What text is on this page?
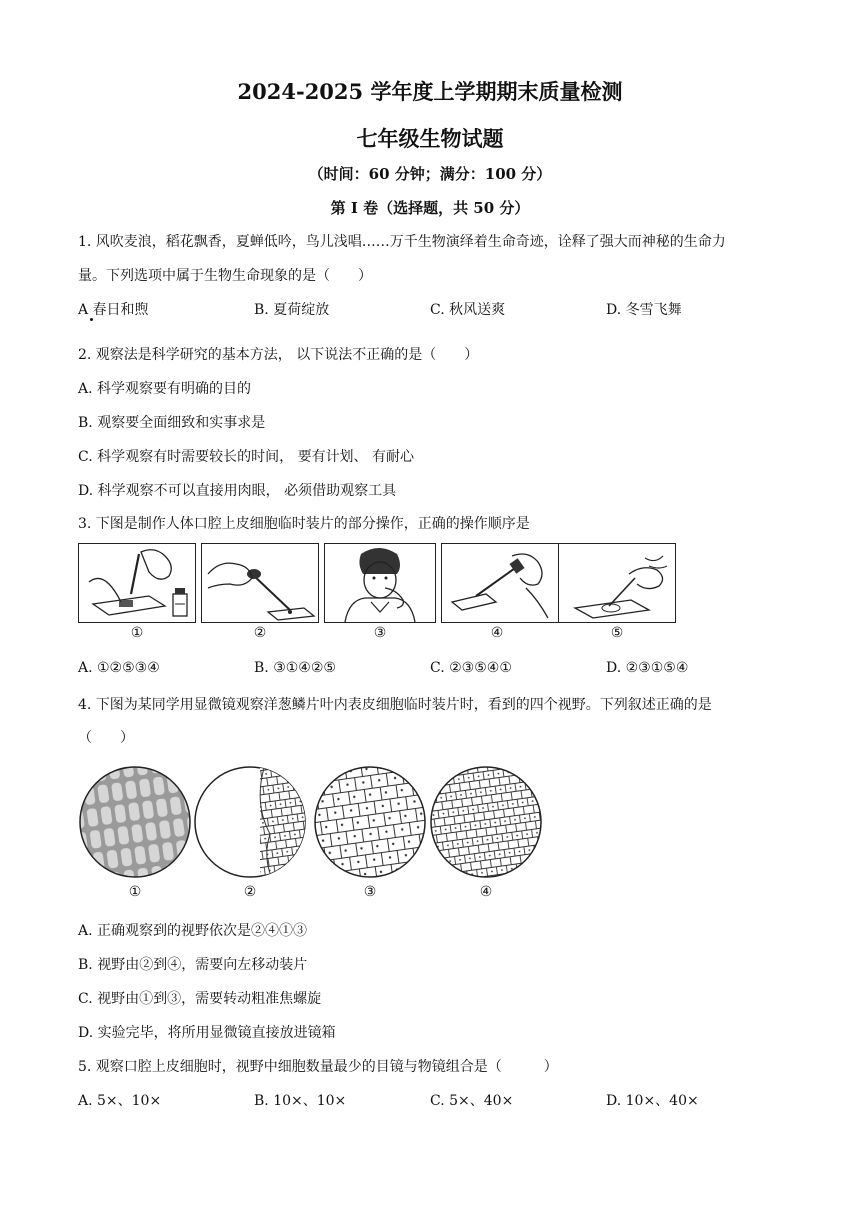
2024-2025 学年度上学期期末质量检测
七年级生物试题
（时间：60 分钟；满分：100 分）
第 I 卷（选择题，共 50 分）
1. 风吹麦浪，稻花飘香，夏蝉低吟，鸟儿浅唱……万千生物演绎着生命奇迹，诠释了强大而神秘的生命力
量。下列选项中属于生物生命现象的是（　　）
A 春日和煦	B. 夏荷绽放	C. 秋风送爽	D. 冬雪飞舞
2. 观察法是科学研究的基本方法， 以下说法不正确的是（　　）
A. 科学观察要有明确的目的
B. 观察要全面细致和实事求是
C. 科学观察有时需要较长的时间， 要有计划、 有耐心
D. 科学观察不可以直接用肉眼， 必须借助观察工具
3. 下图是制作人体口腔上皮细胞临时装片的部分操作，正确的操作顺序是
①	②	③	④	⑤
A. ①②⑤③④	B. ③①④②⑤	C. ②③⑤④①	D. ②③①⑤④
4. 下图为某同学用显微镜观察洋葱鳞片叶内表皮细胞临时装片时，看到的四个视野。下列叙述正确的是
（　　）
①	②	③	④
A. 正确观察到的视野依次是②④①③
B. 视野由②到④，需要向左移动装片
C. 视野由①到③，需要转动粗准焦螺旋
D. 实验完毕，将所用显微镜直接放进镜箱
5. 观察口腔上皮细胞时，视野中细胞数量最少的目镜与物镜组合是（　　　）
A. 5×、10×	B. 10×、10×	C. 5×、40×	D. 10×、40×
